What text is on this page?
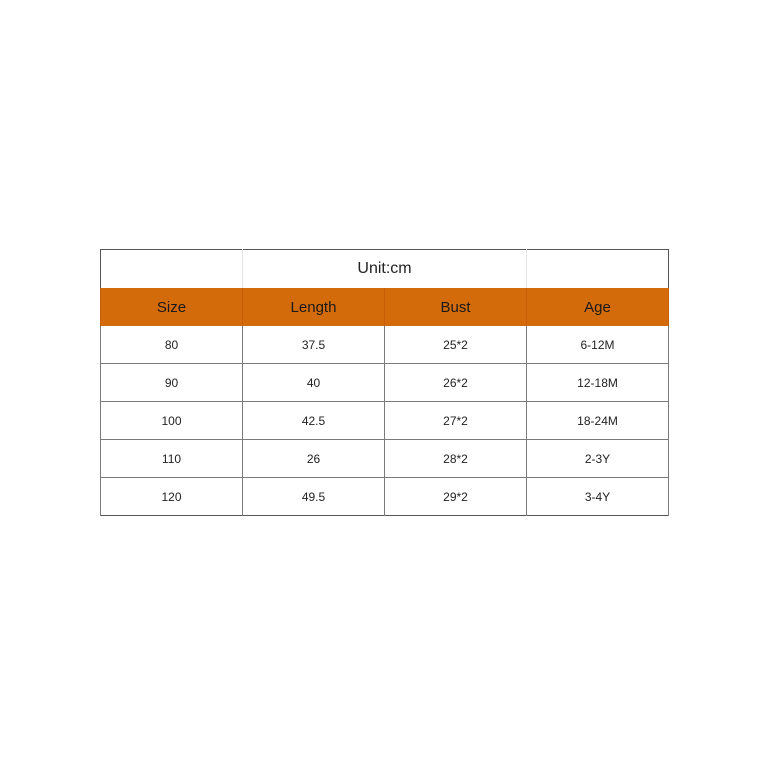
	Unit:cm		
Size	Length	Bust	Age
80	37.5	25*2	6-12M
90	40	26*2	12-18M
100	42.5	27*2	18-24M
110	26	28*2	2-3Y
120	49.5	29*2	3-4Y
